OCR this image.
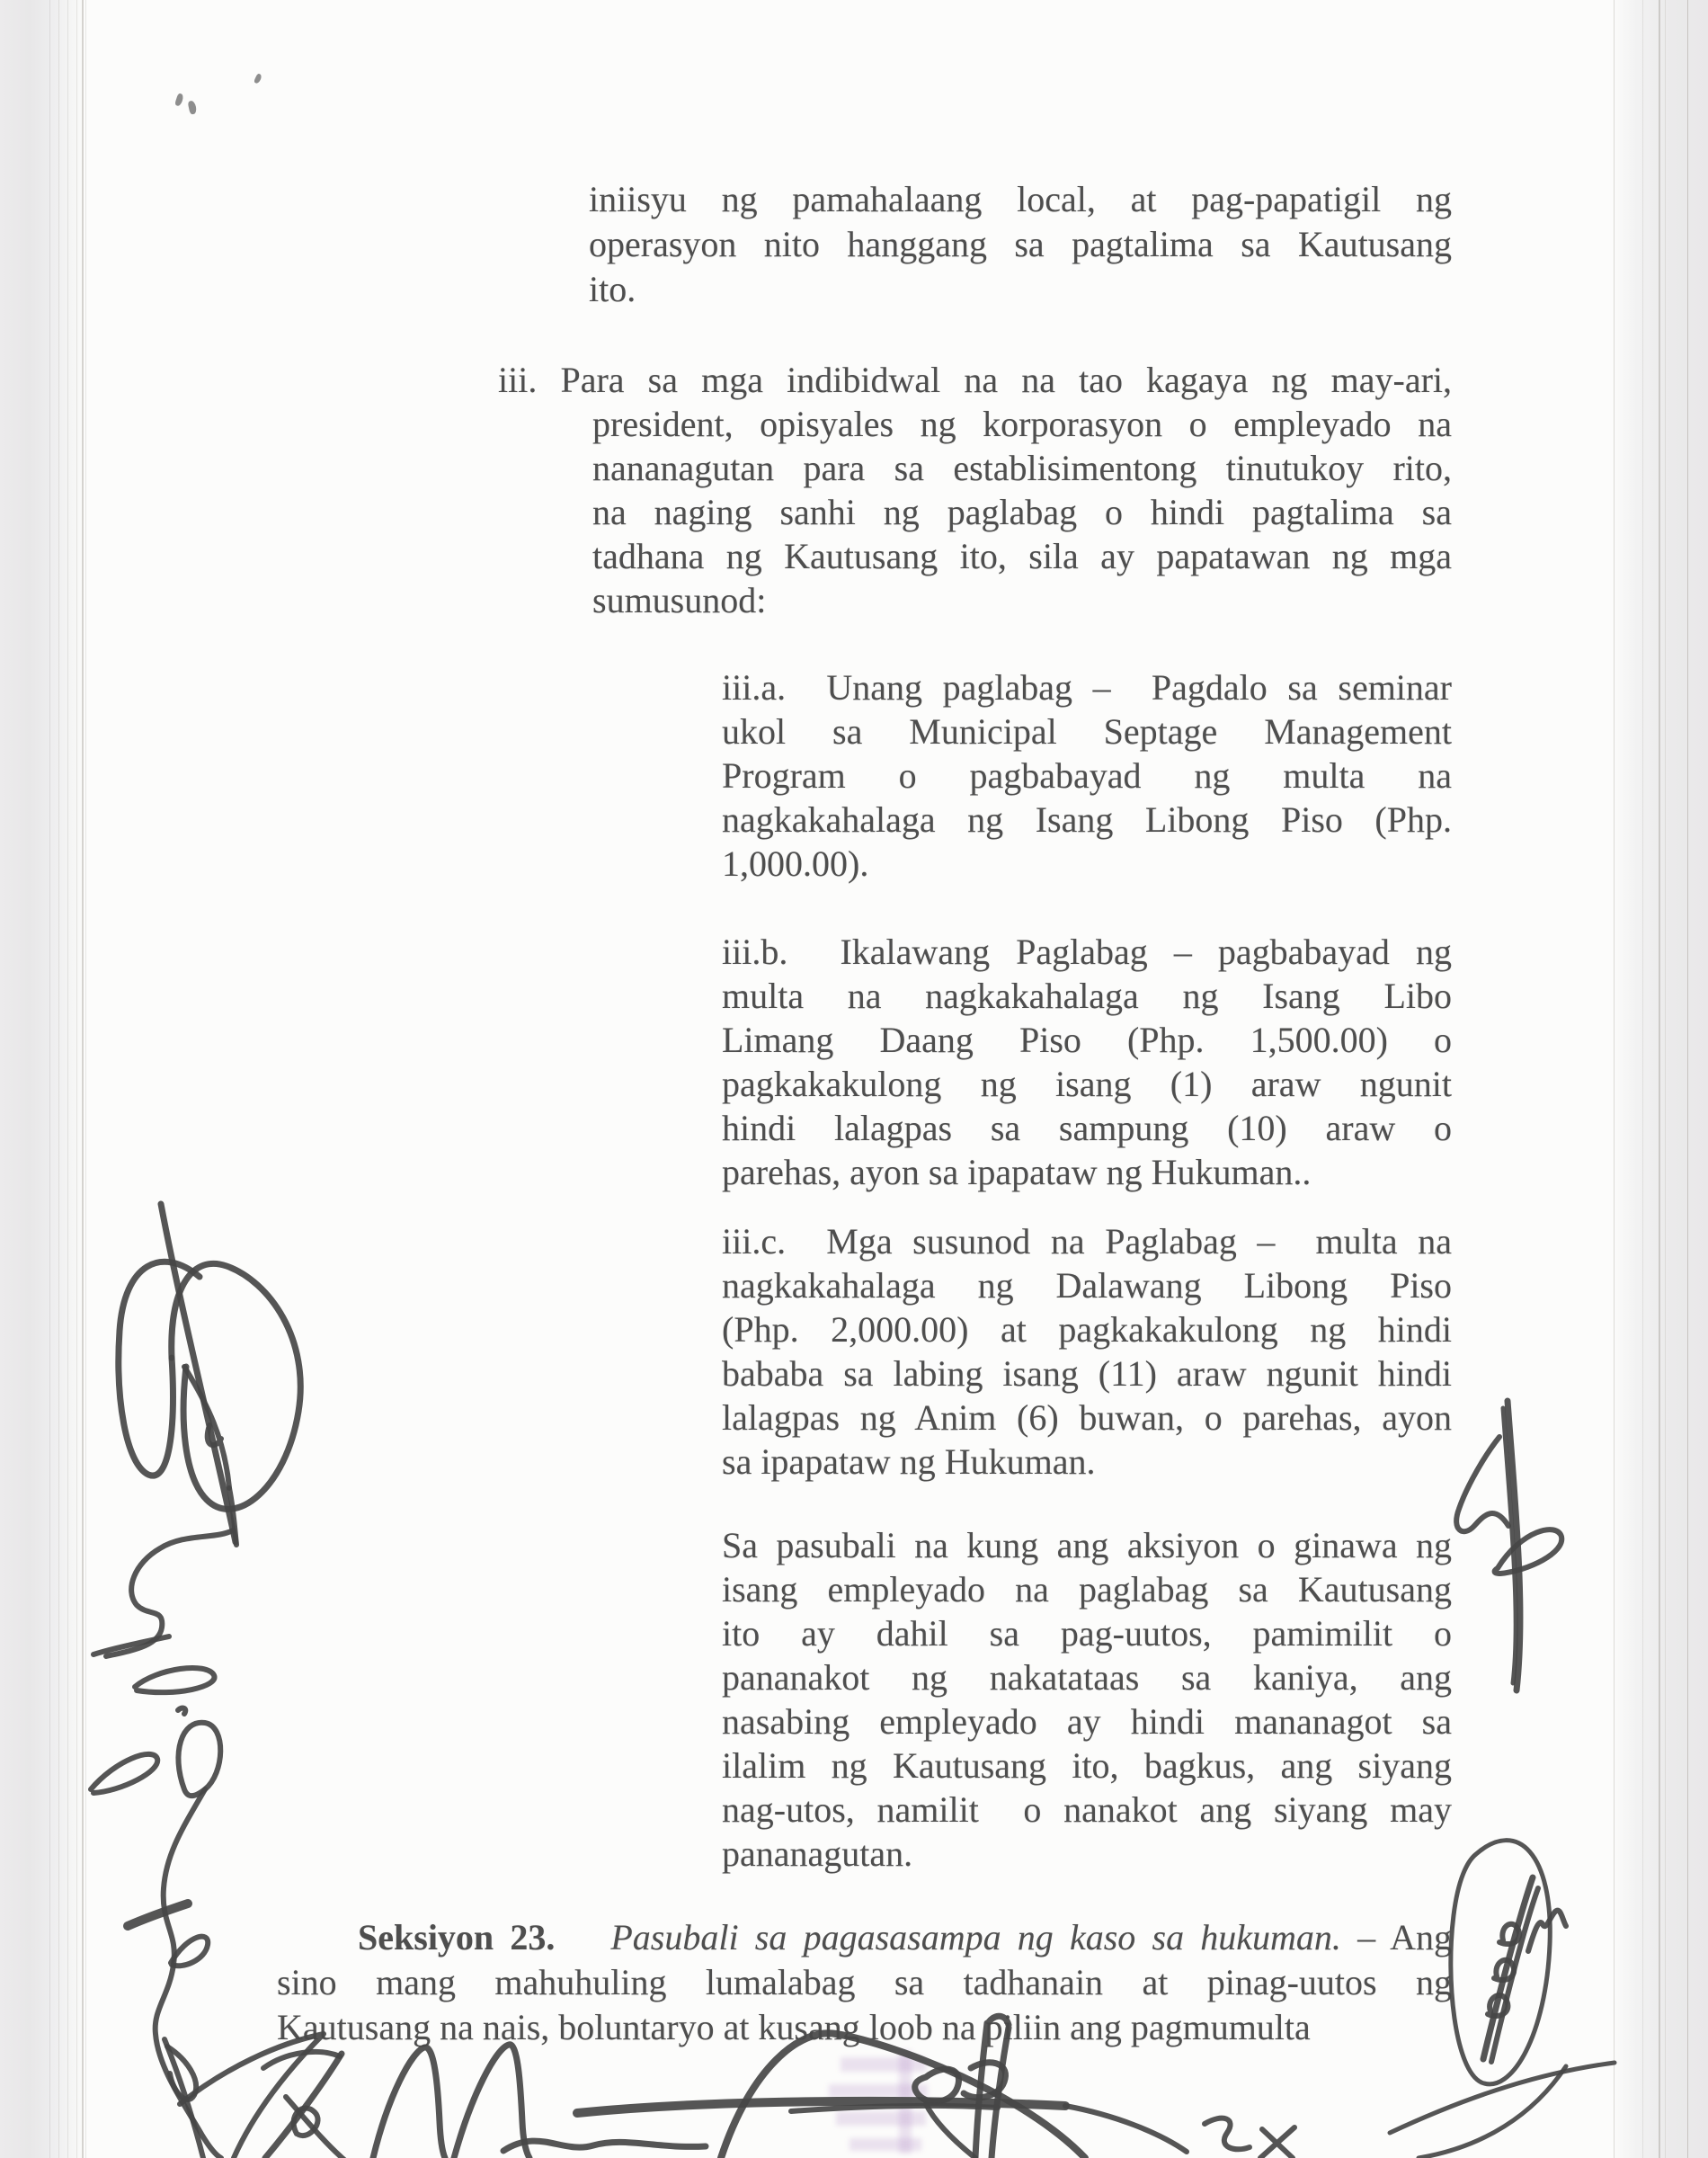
iniisyu ng pamahalaang local, at pag-papatigil ng
operasyon nito hanggang sa pagtalima sa Kautusang
ito.
iii. Para sa mga indibidwal na na tao kagaya ng may-ari,
president, opisyales ng korporasyon o empleyado na
nananagutan para sa establisimentong tinutukoy rito,
na naging sanhi ng paglabag o hindi pagtalima sa
tadhana ng Kautusang ito, sila ay papatawan ng mga
sumusunod:
iii.a.  Unang paglabag –  Pagdalo sa seminar
ukol sa Municipal Septage Management
Program o pagbabayad ng multa na
nagkakahalaga ng Isang Libong Piso (Php.
1,000.00).
iii.b.  Ikalawang Paglabag – pagbabayad ng
multa na nagkakahalaga ng Isang Libo
Limang Daang Piso (Php. 1,500.00) o
pagkakakulong ng isang (1) araw ngunit
hindi lalagpas sa sampung (10) araw o
parehas, ayon sa ipapataw ng Hukuman..
iii.c.  Mga susunod na Paglabag –  multa na
nagkakahalaga ng Dalawang Libong Piso
(Php. 2,000.00) at pagkakakulong ng hindi
bababa sa labing isang (11) araw ngunit hindi
lalagpas ng Anim (6) buwan, o parehas, ayon
sa ipapataw ng Hukuman.
Sa pasubali na kung ang aksiyon o ginawa ng
isang empleyado na paglabag sa Kautusang
ito ay dahil sa pag-uutos, pamimilit o
pananakot ng nakatataas sa kaniya, ang
nasabing empleyado ay hindi mananagot sa
ilalim ng Kautusang ito, bagkus, ang siyang
nag-utos, namilit  o nanakot ang siyang may
pananagutan.
Seksiyon 23. Pasubali sa pagasasampa ng kaso sa hukuman. – Ang
sino mang mahuhuling lumalabag sa tadhanain at pinag-uutos ng
Kautusang na nais, boluntaryo at kusang loob na piliin ang pagmumulta
